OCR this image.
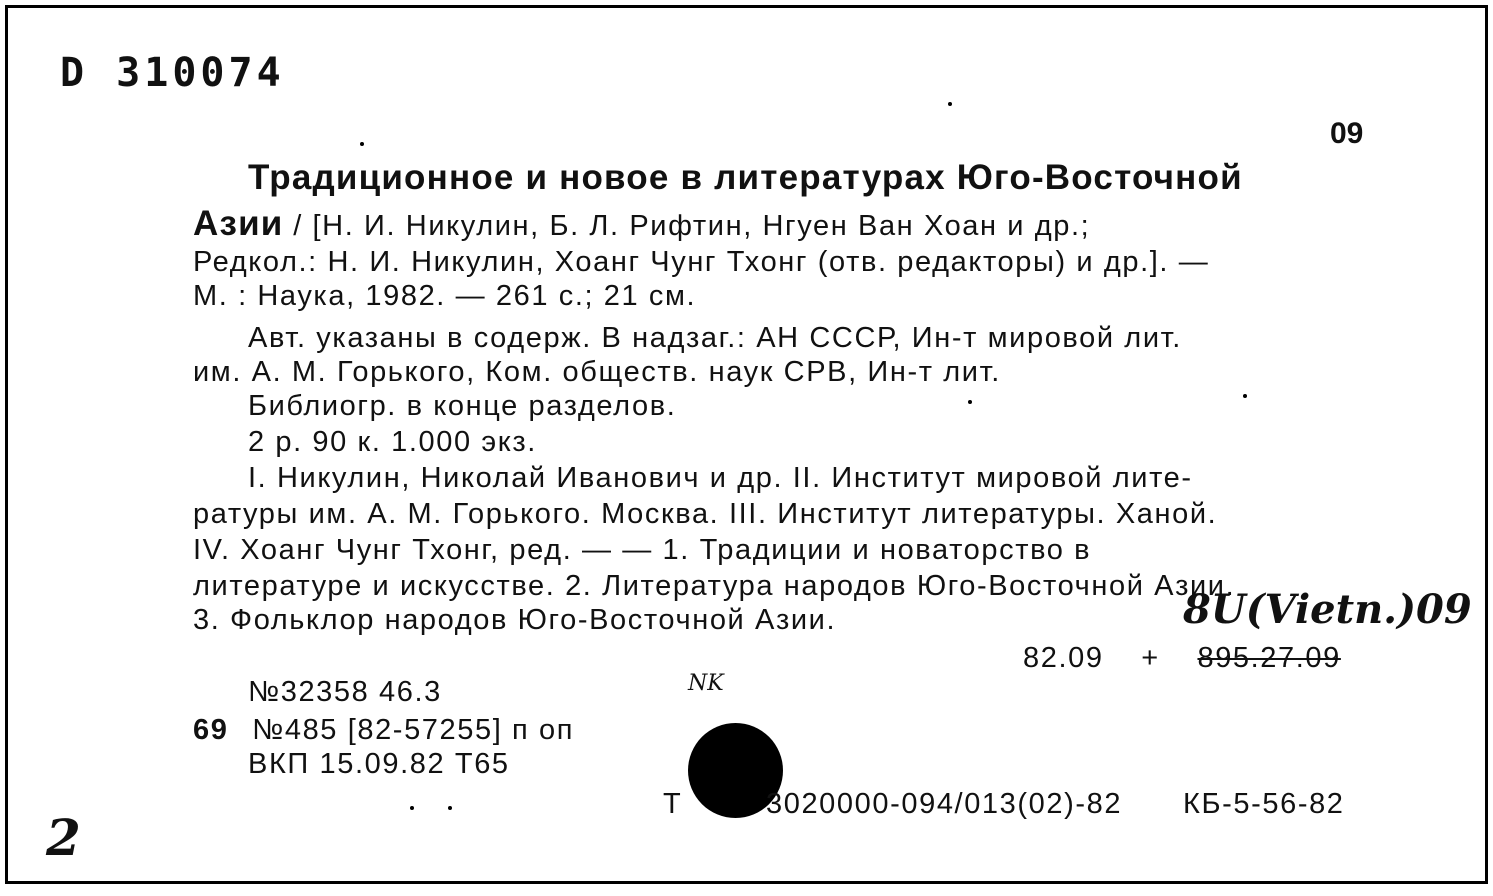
D 310074
09
Традиционное и новое в литературах Юго-Восточной
Азии / [Н. И. Никулин, Б. Л. Рифтин, Нгуен Ван Хоан и др.;
Редкол.: Н. И. Никулин, Хоанг Чунг Тхонг (отв. редакторы) и др.]. —
М. : Наука, 1982. — 261 с.; 21 см.
Авт. указаны в содерж. В надзаг.: АН СССР, Ин-т мировой лит.
им. А. М. Горького, Ком. обществ. наук СРВ, Ин-т лит.
Библиогр. в конце разделов.
2 р. 90 к. 1.000 экз.
I. Никулин, Николай Иванович и др. II. Институт мировой лите-
ратуры им. А. М. Горького. Москва. III. Институт литературы. Ханой.
IV. Хоанг Чунг Тхонг, ред. — — 1. Традиции и новаторство в
литературе и искусстве. 2. Литература народов Юго-Восточной Азии.
3. Фольклор народов Юго-Восточной Азии.	8U(Vietn.)09
82.09 + 895.27.09
№32358 46.3
69 №485 [82-57255] п оп
ВКП 15.09.82 Т65
NK
Т	3020000-094/013(02)-82 КБ-5-56-82
2
